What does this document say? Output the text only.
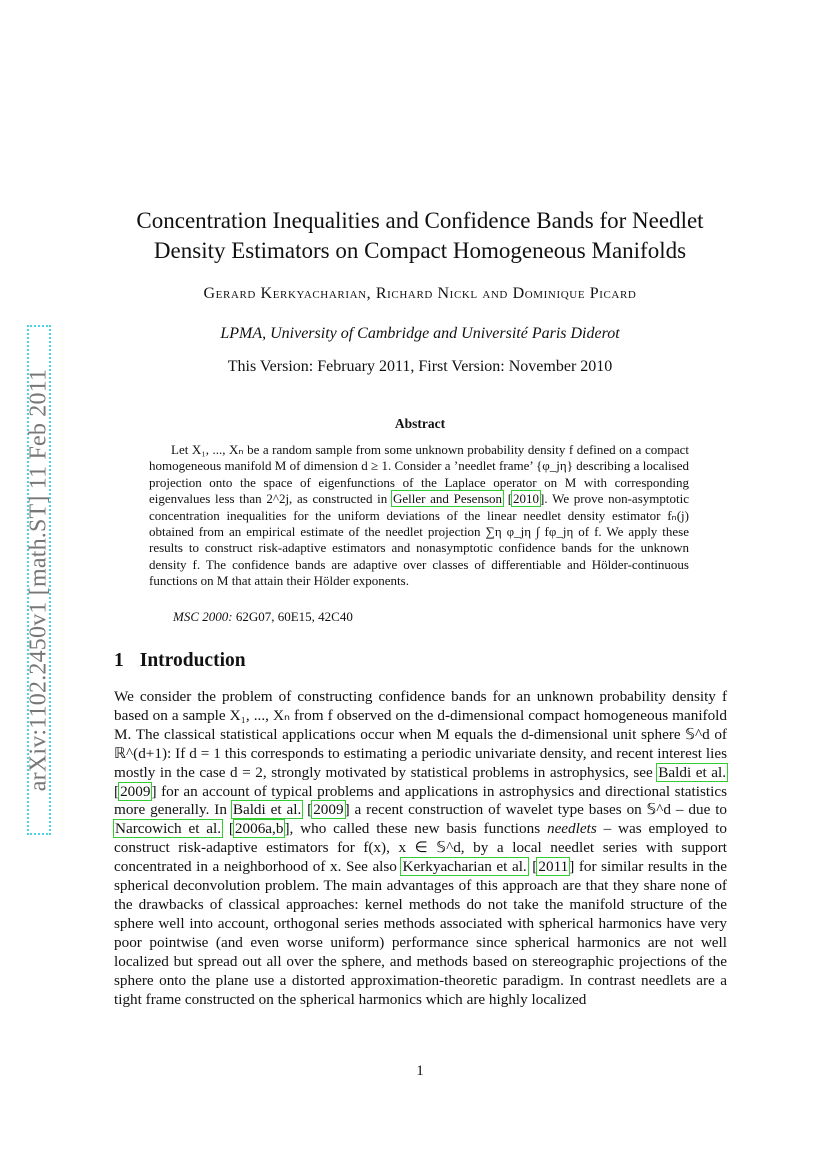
arXiv:1102.2450v1 [math.ST] 11 Feb 2011
Concentration Inequalities and Confidence Bands for Needlet
Density Estimators on Compact Homogeneous Manifolds
Gerard Kerkyacharian, Richard Nickl and Dominique Picard
LPMA, University of Cambridge and Université Paris Diderot
This Version: February 2011, First Version: November 2010
Abstract

Let X₁, ..., Xₙ be a random sample from some unknown probability density f defined on a compact homogeneous manifold M of dimension d ≥ 1. Consider a ’needlet frame’ {φ_jη} describing a localised projection onto the space of eigenfunctions of the Laplace operator on M with corresponding eigenvalues less than 2^2j, as constructed in Geller and Pesenson [2010]. We prove non-asymptotic concentration inequalities for the uniform deviations of the linear needlet density estimator fₙ(j) obtained from an empirical estimate of the needlet projection ∑η φ_jη ∫ fφ_jη of f. We apply these results to construct risk-adaptive estimators and nonasymptotic confidence bands for the unknown density f. The confidence bands are adaptive over classes of differentiable and Hölder-continuous functions on M that attain their Hölder exponents.

MSC 2000: 62G07, 60E15, 42C40
1 Introduction

We consider the problem of constructing confidence bands for an unknown probability density f based on a sample X₁, ..., Xₙ from f observed on the d-dimensional compact homogeneous manifold M. The classical statistical applications occur when M equals the d-dimensional unit sphere 𝕊^d of ℝ^(d+1): If d = 1 this corresponds to estimating a periodic univariate density, and recent interest lies mostly in the case d = 2, strongly motivated by statistical problems in astrophysics, see Baldi et al. [2009] for an account of typical problems and applications in astrophysics and directional statistics more generally. In Baldi et al. [2009] a recent construction of wavelet type bases on 𝕊^d – due to Narcowich et al. [2006a,b], who called these new basis functions needlets – was employed to construct risk-adaptive estimators for f(x), x ∈ 𝕊^d, by a local needlet series with support concentrated in a neighborhood of x. See also Kerkyacharian et al. [2011] for similar results in the spherical deconvolution problem. The main advantages of this approach are that they share none of the drawbacks of classical approaches: kernel methods do not take the manifold structure of the sphere well into account, orthogonal series methods associated with spherical harmonics have very poor pointwise (and even worse uniform) performance since spherical harmonics are not well localized but spread out all over the sphere, and methods based on stereographic projections of the sphere onto the plane use a distorted approximation-theoretic paradigm. In contrast needlets are a tight frame constructed on the spherical harmonics which are highly localized

1
